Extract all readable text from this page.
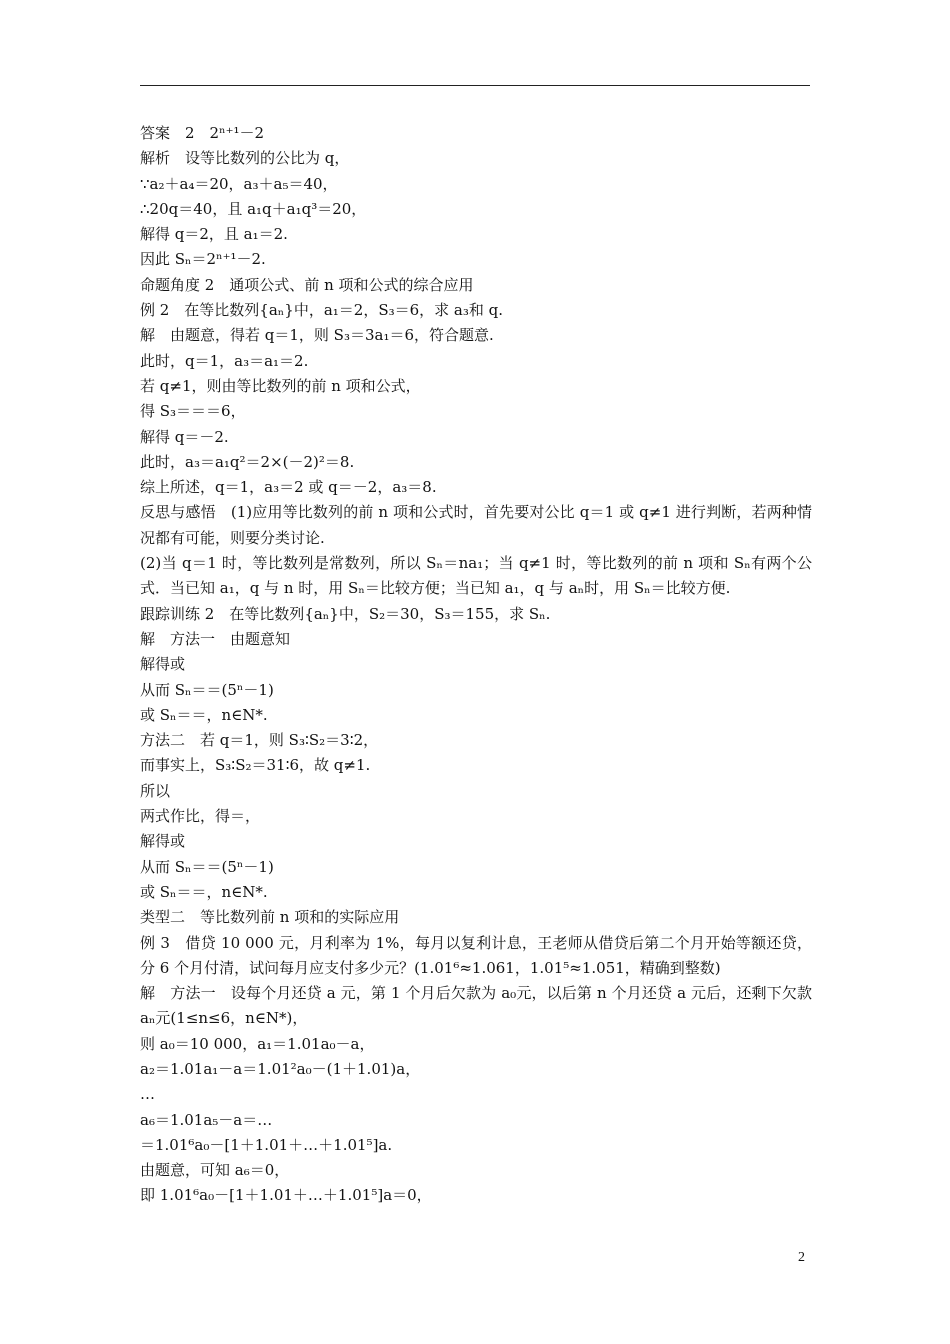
答案　2　2ⁿ⁺¹－2
解析　设等比数列的公比为 q，
∵a₂＋a₄＝20，a₃＋a₅＝40，
∴20q＝40，且 a₁q＋a₁q³＝20，
解得 q＝2，且 a₁＝2.
因此 Sₙ＝2ⁿ⁺¹－2.
命题角度 2　通项公式、前 n 项和公式的综合应用
例 2　在等比数列{aₙ}中，a₁＝2，S₃＝6，求 a₃和 q.
解　由题意，得若 q＝1，则 S₃＝3a₁＝6，符合题意.
此时，q＝1，a₃＝a₁＝2.
若 q≠1，则由等比数列的前 n 项和公式，
得 S₃＝＝＝6，
解得 q＝－2.
此时，a₃＝a₁q²＝2×(－2)²＝8.
综上所述，q＝1，a₃＝2 或 q＝－2，a₃＝8.
反思与感悟　(1)应用等比数列的前 n 项和公式时，首先要对公比 q＝1 或 q≠1 进行判断，若两种情况都有可能，则要分类讨论.
(2)当 q＝1 时，等比数列是常数列，所以 Sₙ＝na₁；当 q≠1 时，等比数列的前 n 项和 Sₙ有两个公式．当已知 a₁，q 与 n 时，用 Sₙ＝比较方便；当已知 a₁，q 与 aₙ时，用 Sₙ＝比较方便.
跟踪训练 2　在等比数列{aₙ}中，S₂＝30，S₃＝155，求 Sₙ.
解　方法一　由题意知
解得或
从而 Sₙ＝＝(5ⁿ－1)
或 Sₙ＝＝，n∈N*.
方法二　若 q＝1，则 S₃∶S₂＝3∶2，
而事实上，S₃∶S₂＝31∶6，故 q≠1.
所以
两式作比，得＝，
解得或
从而 Sₙ＝＝(5ⁿ－1)
或 Sₙ＝＝，n∈N*.
类型二　等比数列前 n 项和的实际应用
例 3　借贷 10 000 元，月利率为 1%，每月以复利计息，王老师从借贷后第二个月开始等额还贷，分 6 个月付清，试问每月应支付多少元？(1.01⁶≈1.061，1.01⁵≈1.051，精确到整数)
解　方法一　设每个月还贷 a 元，第 1 个月后欠款为 a₀元，以后第 n 个月还贷 a 元后，还剩下欠款 aₙ元(1≤n≤6，n∈N*)，
则 a₀＝10 000，a₁＝1.01a₀－a，
a₂＝1.01a₁－a＝1.01²a₀－(1＋1.01)a，
…
a₆＝1.01a₅－a＝…
＝1.01⁶a₀－[1＋1.01＋…＋1.01⁵]a.
由题意，可知 a₆＝0，
即 1.01⁶a₀－[1＋1.01＋…＋1.01⁵]a＝0，
2
